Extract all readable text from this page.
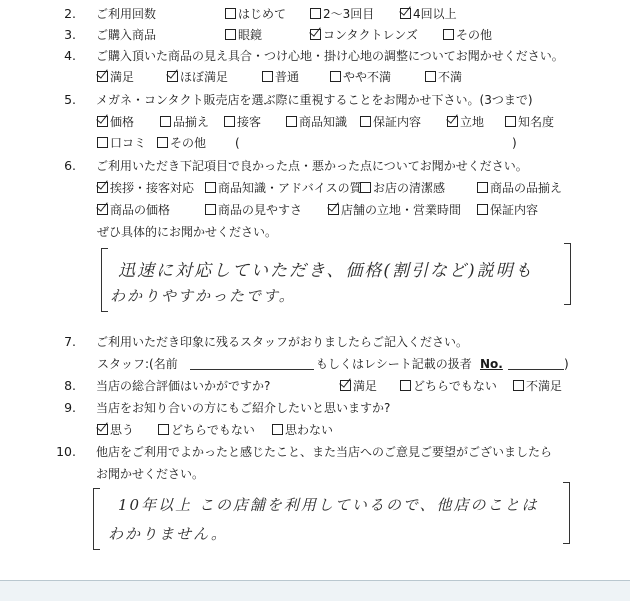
2. ご利用回数	はじめて	2～3回目	4回以上
3. ご購入商品	眼鏡	コンタクトレンズ	その他
4. ご購入頂いた商品の見え具合・つけ心地・掛け心地の調整についてお聞かせください。
満足	ほぼ満足	普通	やや不満	不満
5. メガネ・コンタクト販売店を選ぶ際に重視することをお聞かせ下さい。(3つまで)
価格	品揃え	接客	商品知識	保証内容	立地	知名度
口コミ	その他 (	)
6. ご利用いただき下記項目で良かった点・悪かった点についてお聞かせください。
挨拶・接客対応	商品知識・アドバイスの質 お店の清潔感	商品の品揃え
商品の価格	商品の見やすさ	店舗の立地・営業時間	保証内容
ぜひ具体的にお聞かせください。
迅速に対応していただき、価格(割引など)説明も
わかりやすかったです。
7. ご利用いただき印象に残るスタッフがおりましたらご記入ください。
スタッフ:(名前	もしくはレシート記載の扱者 No.	)
8. 当店の総合評価はいかがですか?	満足	どちらでもない	不満足
9. 当店をお知り合いの方にもご紹介したいと思いますか?
思う	どちらでもない	思わない
10. 他店をご利用でよかったと感じたこと、また当店へのご意見ご要望がございましたら
お聞かせください。
10年以上 この店舗を利用しているので、他店のことは
わかりません。
